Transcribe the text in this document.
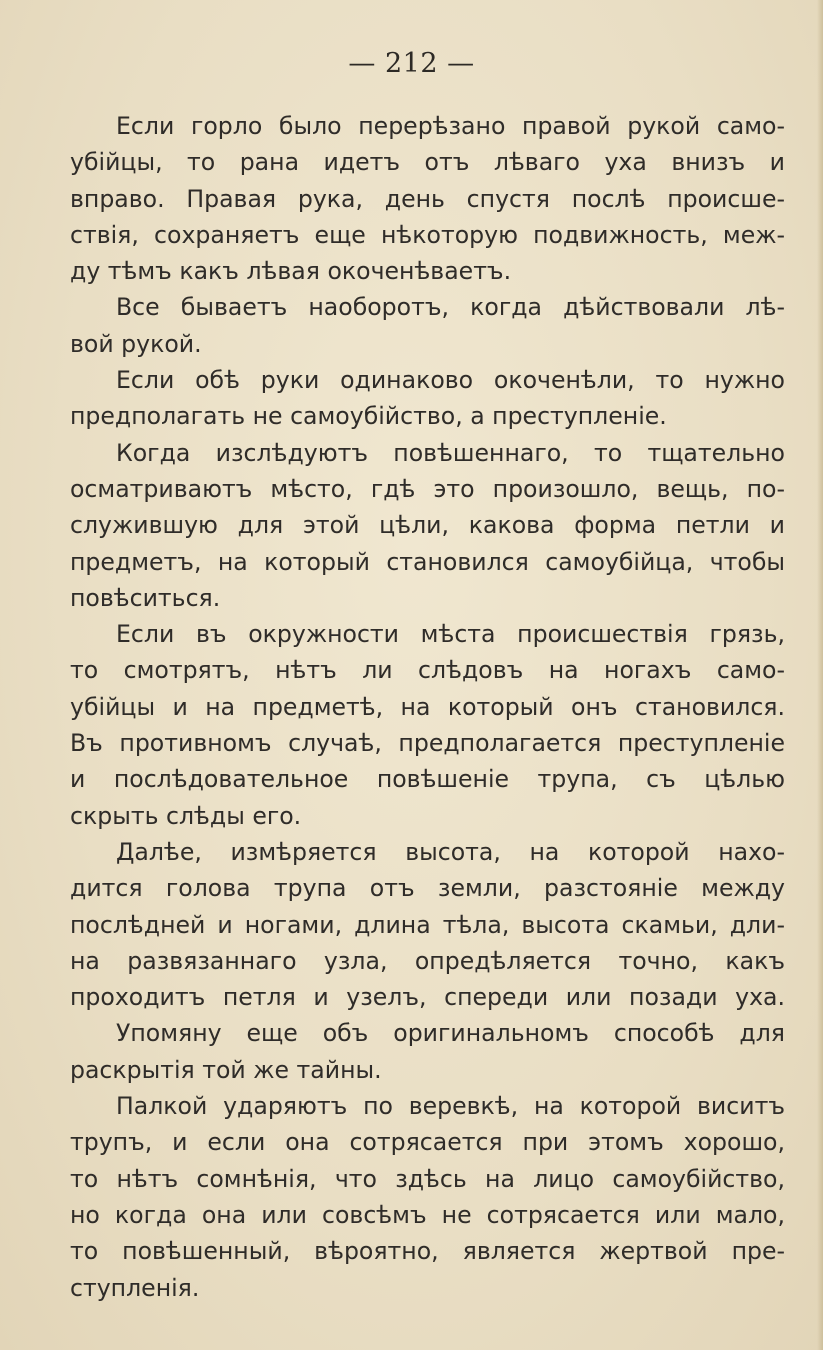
— 212 —
Если горло было перерѣзано правой рукой само-
убійцы, то рана идетъ отъ лѣваго уха внизъ и
вправо. Правая рука, день спустя послѣ происше-
ствія, сохраняетъ еще нѣкоторую подвижность, меж-
ду тѣмъ какъ лѣвая окоченѣваетъ.
Все бываетъ наоборотъ, когда дѣйствовали лѣ-
вой рукой.
Если обѣ руки одинаково окоченѣли, то нужно
предполагать не самоубійство, а преступленіе.
Когда изслѣдуютъ повѣшеннаго, то тщательно
осматриваютъ мѣсто, гдѣ это произошло, вещь, по-
служившую для этой цѣли, какова форма петли и
предметъ, на который становился самоубійца, чтобы
повѣситься.
Если въ окружности мѣста происшествія грязь,
то смотрятъ, нѣтъ ли слѣдовъ на ногахъ само-
убійцы и на предметѣ, на который онъ становился.
Въ противномъ случаѣ, предполагается преступленіе
и послѣдовательное повѣшеніе трупа, съ цѣлью
скрыть слѣды его.
Далѣе, измѣряется высота, на которой нахо-
дится голова трупа отъ земли, разстояніе между
послѣдней и ногами, длина тѣла, высота скамьи, дли-
на развязаннаго узла, опредѣляется точно, какъ
проходитъ петля и узелъ, спереди или позади уха.
Упомяну еще объ оригинальномъ способѣ для
раскрытія той же тайны.
Палкой ударяютъ по веревкѣ, на которой виситъ
трупъ, и если она сотрясается при этомъ хорошо,
то нѣтъ сомнѣнія, что здѣсь на лицо самоубійство,
но когда она или совсѣмъ не сотрясается или мало,
то повѣшенный, вѣроятно, является жертвой пре-
ступленія.
